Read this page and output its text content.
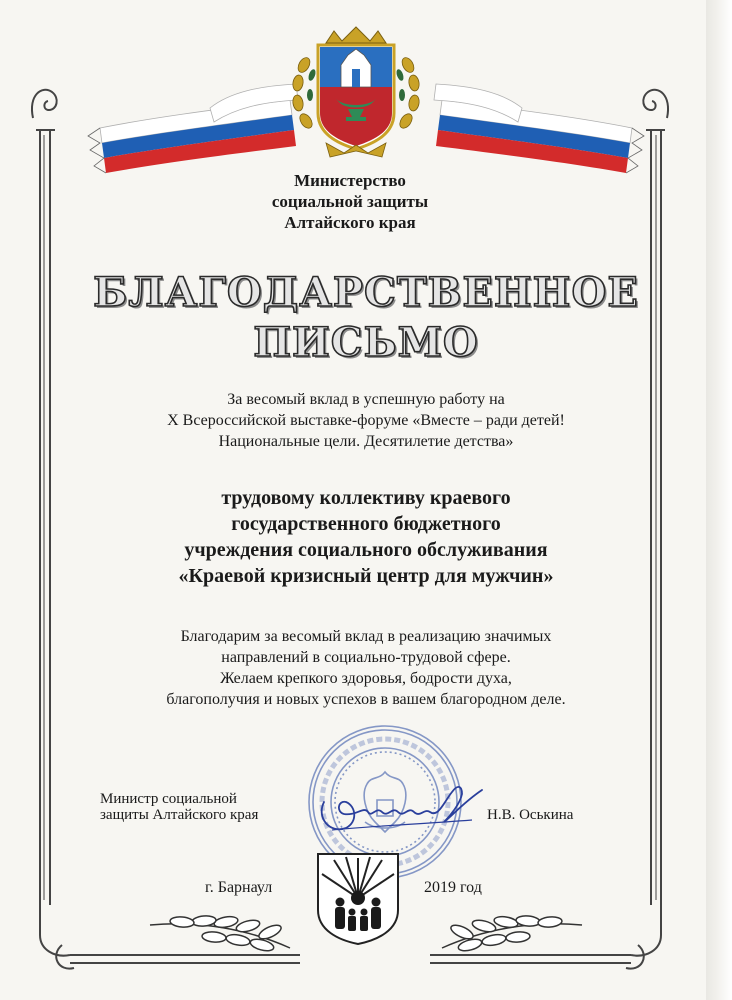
Министерство
социальной защиты
Алтайского края
БЛАГОДАРСТВЕННОЕ
ПИСЬМО
За весомый вклад в успешную работу на
X Всероссийской выставке-форуме «Вместе – ради детей!
Национальные цели. Десятилетие детства»
трудовому коллективу краевого
государственного бюджетного
учреждения социального обслуживания
«Краевой кризисный центр для мужчин»
Благодарим за весомый вклад в реализацию значимых
направлений в социально-трудовой сфере.
Желаем крепкого здоровья, бодрости духа,
благополучия и новых успехов в вашем благородном деле.
Министр социальной
защиты Алтайского края	Н.В. Оськина
г. Барнаул	2019 год
